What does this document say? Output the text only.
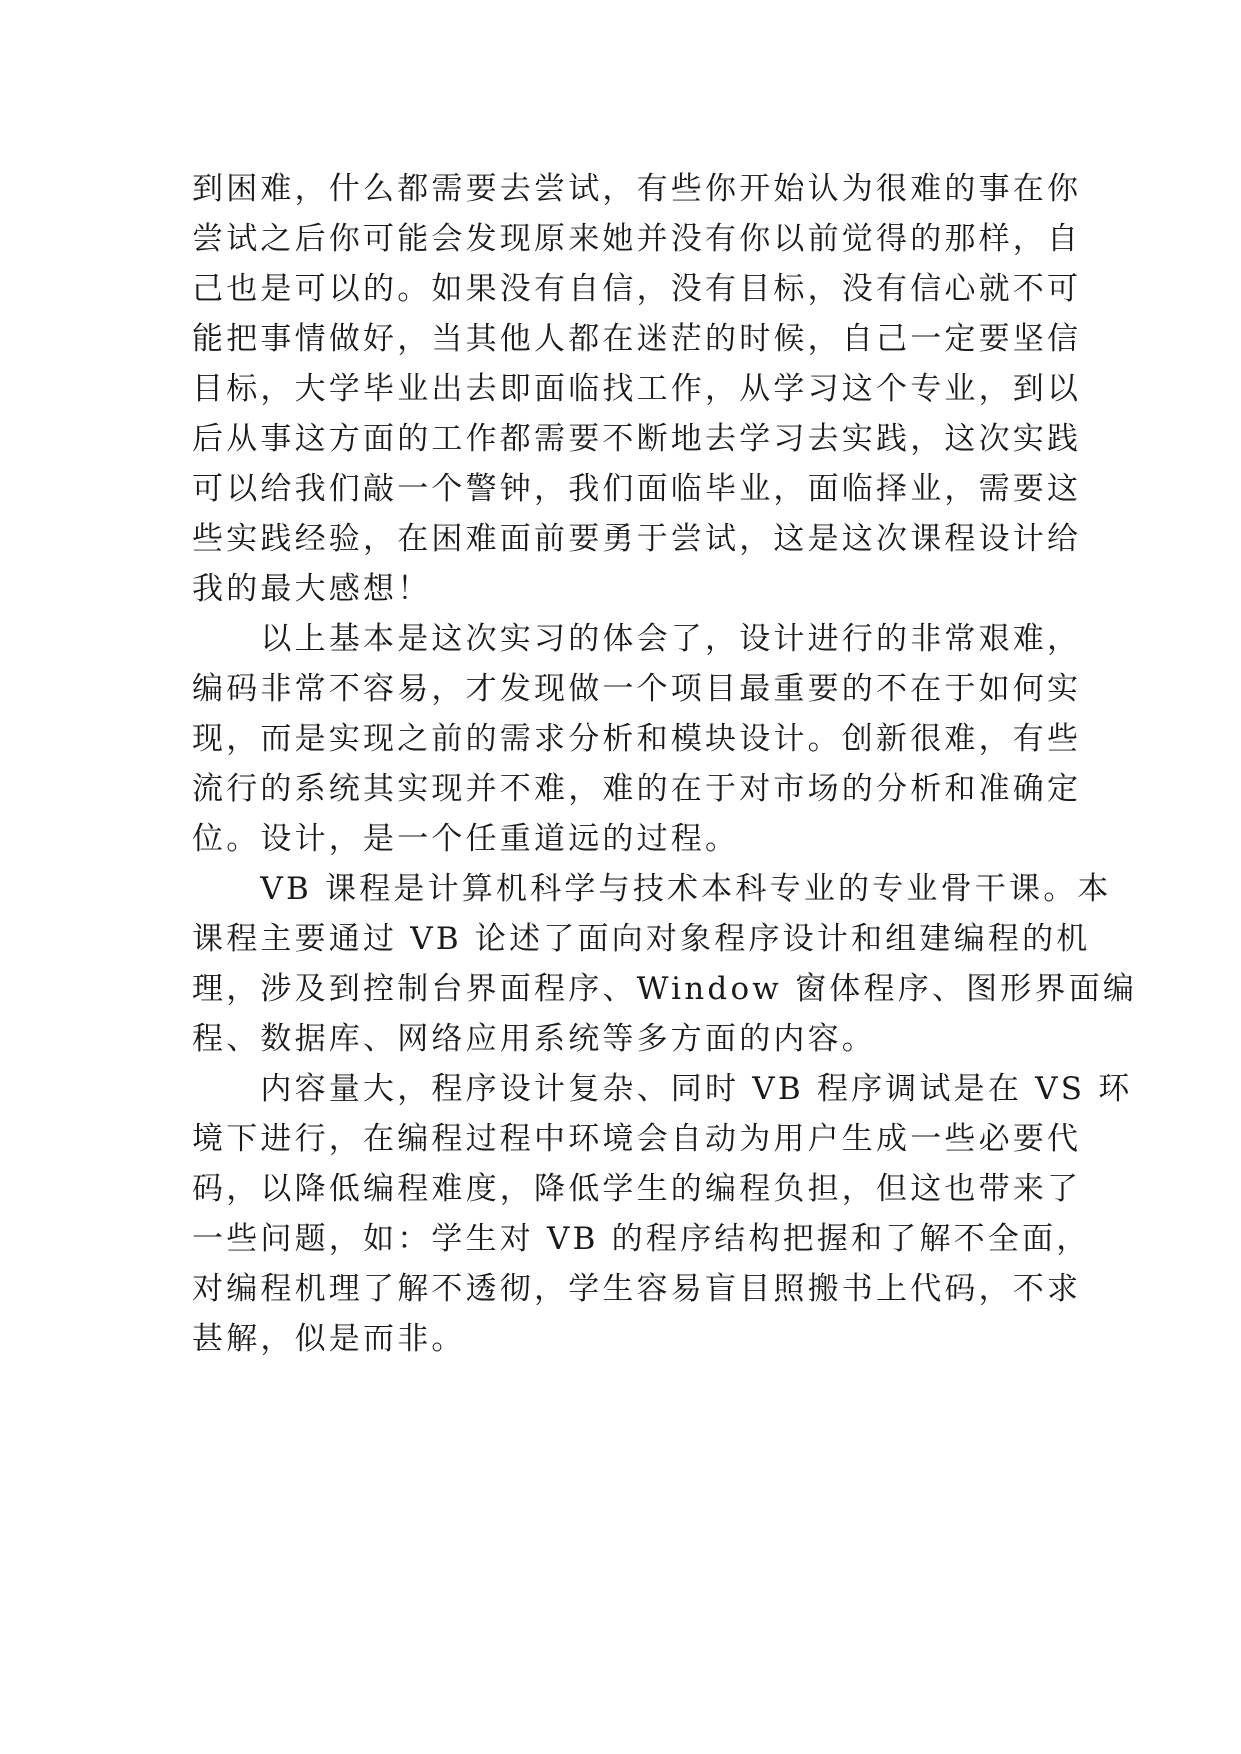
到困难，什么都需要去尝试，有些你开始认为很难的事在你
尝试之后你可能会发现原来她并没有你以前觉得的那样，自
己也是可以的。如果没有自信，没有目标，没有信心就不可
能把事情做好，当其他人都在迷茫的时候，自己一定要坚信
目标，大学毕业出去即面临找工作，从学习这个专业，到以
后从事这方面的工作都需要不断地去学习去实践，这次实践
可以给我们敲一个警钟，我们面临毕业，面临择业，需要这
些实践经验，在困难面前要勇于尝试，这是这次课程设计给
我的最大感想！
　　以上基本是这次实习的体会了，设计进行的非常艰难，
编码非常不容易，才发现做一个项目最重要的不在于如何实
现，而是实现之前的需求分析和模块设计。创新很难，有些
流行的系统其实现并不难，难的在于对市场的分析和准确定
位。设计，是一个任重道远的过程。
　　VB 课程是计算机科学与技术本科专业的专业骨干课。本
课程主要通过 VB 论述了面向对象程序设计和组建编程的机
理，涉及到控制台界面程序、Window 窗体程序、图形界面编
程、数据库、网络应用系统等多方面的内容。
　　内容量大，程序设计复杂、同时 VB 程序调试是在 VS 环
境下进行，在编程过程中环境会自动为用户生成一些必要代
码，以降低编程难度，降低学生的编程负担，但这也带来了
一些问题，如：学生对 VB 的程序结构把握和了解不全面，
对编程机理了解不透彻，学生容易盲目照搬书上代码，不求
甚解，似是而非。
